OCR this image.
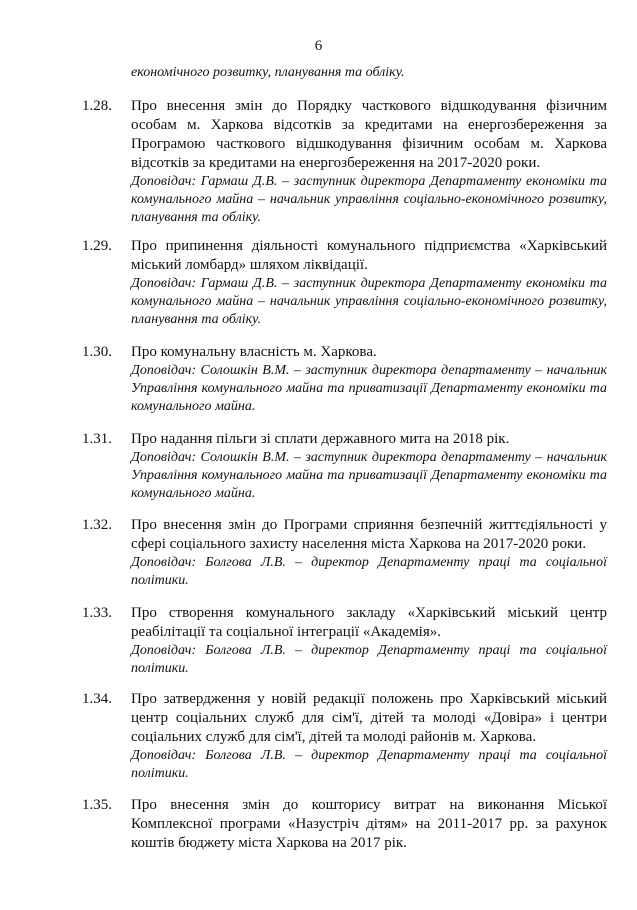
6
економічного розвитку, планування та обліку.
1.28. Про внесення змін до Порядку часткового відшкодування фізичним особам м. Харкова відсотків за кредитами на енергозбереження за Програмою часткового відшкодування фізичним особам м. Харкова відсотків за кредитами на енергозбереження на 2017-2020 роки.
Доповідач: Гармаш Д.В. – заступник директора Департаменту економіки та комунального майна – начальник управління соціально-економічного розвитку, планування та обліку.
1.29. Про припинення діяльності комунального підприємства «Харківський міський ломбард» шляхом ліквідації.
Доповідач: Гармаш Д.В. – заступник директора Департаменту економіки та комунального майна – начальник управління соціально-економічного розвитку, планування та обліку.
1.30. Про комунальну власність м. Харкова.
Доповідач: Солошкін В.М. – заступник директора департаменту – начальник Управління комунального майна та приватизації Департаменту економіки та комунального майна.
1.31. Про надання пільги зі сплати державного мита на 2018 рік.
Доповідач: Солошкін В.М. – заступник директора департаменту – начальник Управління комунального майна та приватизації Департаменту економіки та комунального майна.
1.32. Про внесення змін до Програми сприяння безпечній життєдіяльності у сфері соціального захисту населення міста Харкова на 2017-2020 роки.
Доповідач: Болгова Л.В. – директор Департаменту праці та соціальної політики.
1.33. Про створення комунального закладу «Харківський міський центр реабілітації та соціальної інтеграції «Академія».
Доповідач: Болгова Л.В. – директор Департаменту праці та соціальної політики.
1.34. Про затвердження у новій редакції положень про Харківський міський центр соціальних служб для сім'ї, дітей та молоді «Довіра» і центри соціальних служб для сім'ї, дітей та молоді районів м. Харкова.
Доповідач: Болгова Л.В. – директор Департаменту праці та соціальної політики.
1.35. Про внесення змін до кошторису витрат на виконання Міської Комплексної програми «Назустріч дітям» на 2011-2017 рр. за рахунок коштів бюджету міста Харкова на 2017 рік.
